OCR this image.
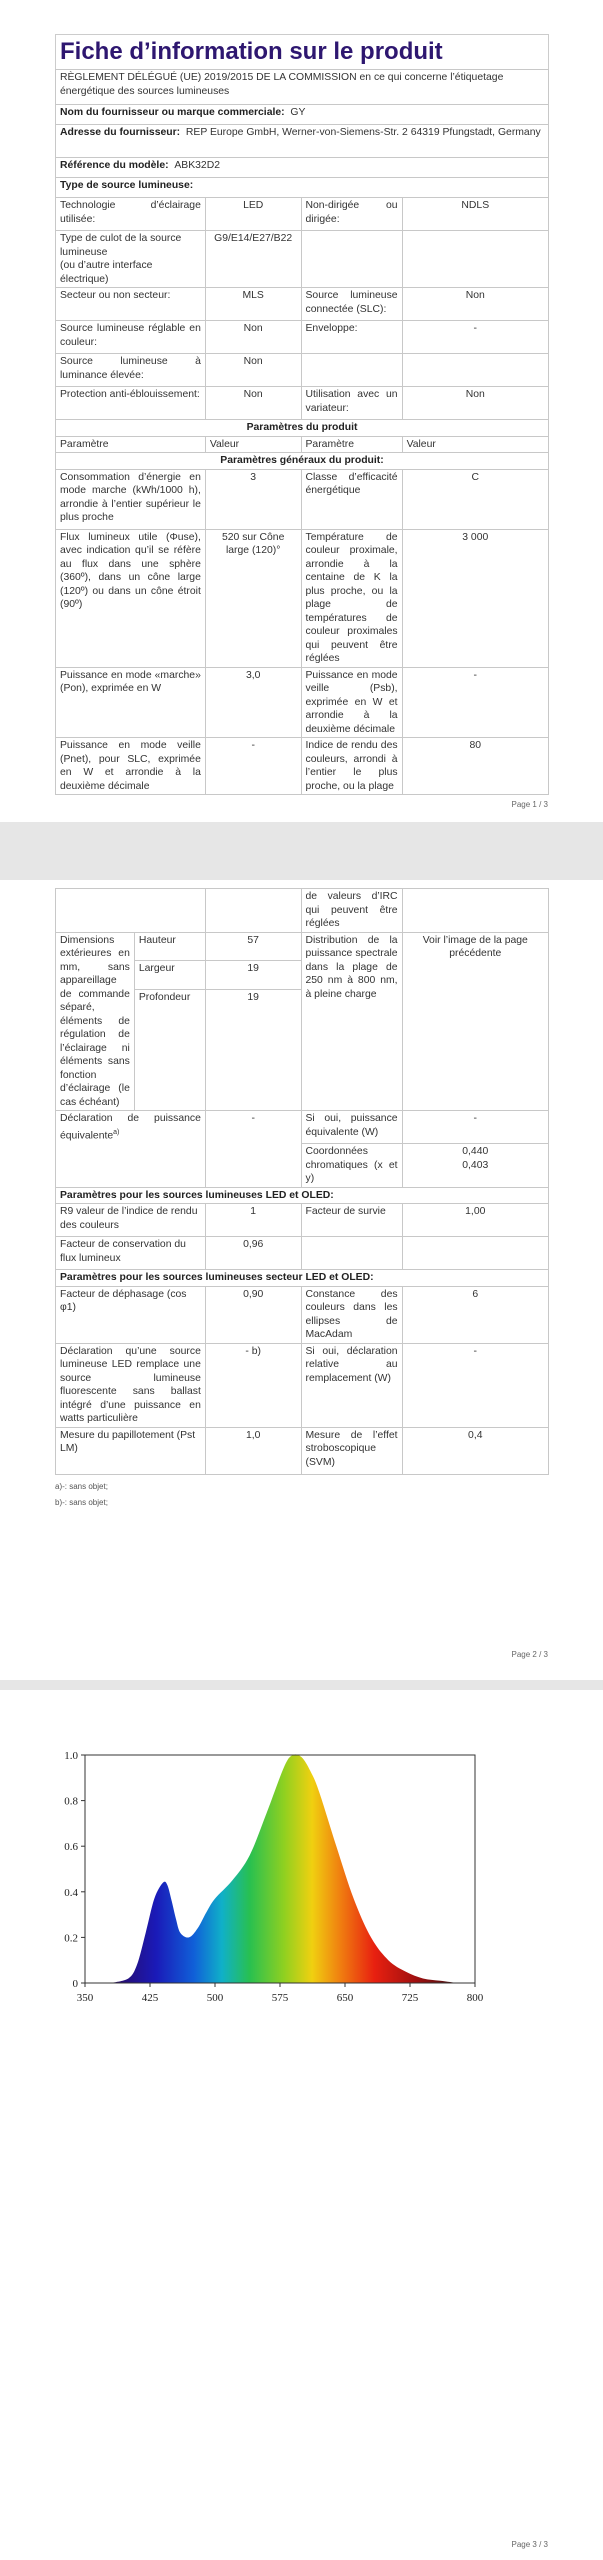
Fiche d’information sur le produit
RÈGLEMENT DÉLÉGUÉ (UE) 2019/2015 DE LA COMMISSION en ce qui concerne l’étiquetage énergétique des sources lumineuses			
Nom du fournisseur ou marque commerciale: GY			
Adresse du fournisseur: REP Europe GmbH, Werner-von-Siemens-Str. 2 64319 Pfungstadt, Germany			
Référence du modèle: ABK32D2			
Type de source lumineuse:			
Technologie d’éclairage utilisée:	LED	Non-dirigée ou dirigée:	NDLS
Type de culot de la source lumineuse
(ou d’autre interface électrique)	G9/E14/E27/B22		
Secteur ou non secteur:	MLS	Source lumineuse connectée (SLC):	Non
Source lumineuse réglable en couleur:	Non	Enveloppe:	-
Source lumineuse à luminance élevée:	Non		
Protection anti-éblouissement:	Non	Utilisation avec un variateur:	Non
Paramètres du produit			
Paramètre	Valeur	Paramètre	Valeur
Paramètres généraux du produit:			
Consommation d’énergie en mode marche (kWh/1000 h), arrondie à l’entier supérieur le plus proche	3	Classe d’efficacité énergétique	C
Flux lumineux utile (Φuse), avec indication qu’il se réfère au flux dans une sphère (360º), dans un cône large (120º) ou dans un cône étroit (90º)	520 sur Cône large (120)°	Température de couleur proximale, arrondie à la centaine de K la plus proche, ou la plage de températures de couleur proximales qui peuvent être réglées	3 000
Puissance en mode «marche» (Pon), exprimée en W	3,0	Puissance en mode veille (Psb), exprimée en W et arrondie à la deuxième décimale	-
Puissance en mode veille (Pnet), pour SLC, exprimée en W et arrondie à la deuxième décimale	-	Indice de rendu des couleurs, arrondi à l’entier le plus proche, ou la plage	80
Page 1 / 3
			de valeurs d’IRC qui peuvent être réglées	
Dimensions extérieures en mm, sans appareillage de commande séparé, éléments de régulation de l’éclairage ni éléments sans fonction d’éclairage (le cas échéant)	Hauteur	57	Distribution de la puissance spectrale dans la plage de 250 nm à 800 nm, à pleine charge	Voir l’image de la page précédente
	Largeur	19		
	Profondeur	19		
Déclaration de puissance équivalente$^{a)}$		-	Si oui, puissance équivalente (W)	-
			Coordonnées chromatiques (x et y)	0,440
0,403
Paramètres pour les sources lumineuses LED et OLED:				
R9 valeur de l’indice de rendu des couleurs		1	Facteur de survie	1,00
Facteur de conservation du flux lumineux		0,96		
Paramètres pour les sources lumineuses secteur LED et OLED:				
Facteur de déphasage (cos φ1)		0,90	Constance des couleurs dans les ellipses de MacAdam	6
Déclaration qu’une source lumineuse LED remplace une source lumineuse fluorescente sans ballast intégré d’une puissance en watts particulière		- b)	Si oui, déclaration relative au remplacement (W)	-
Mesure du papillotement (Pst LM)		1,0	Mesure de l’effet stroboscopique (SVM)	0,4
a)-: sans objet;
b)-: sans objet;
Page 2 / 3
0
0.2
0.4
0.6
0.8
1.0
350	425	500	575	650	725	800
Page 3 / 3
